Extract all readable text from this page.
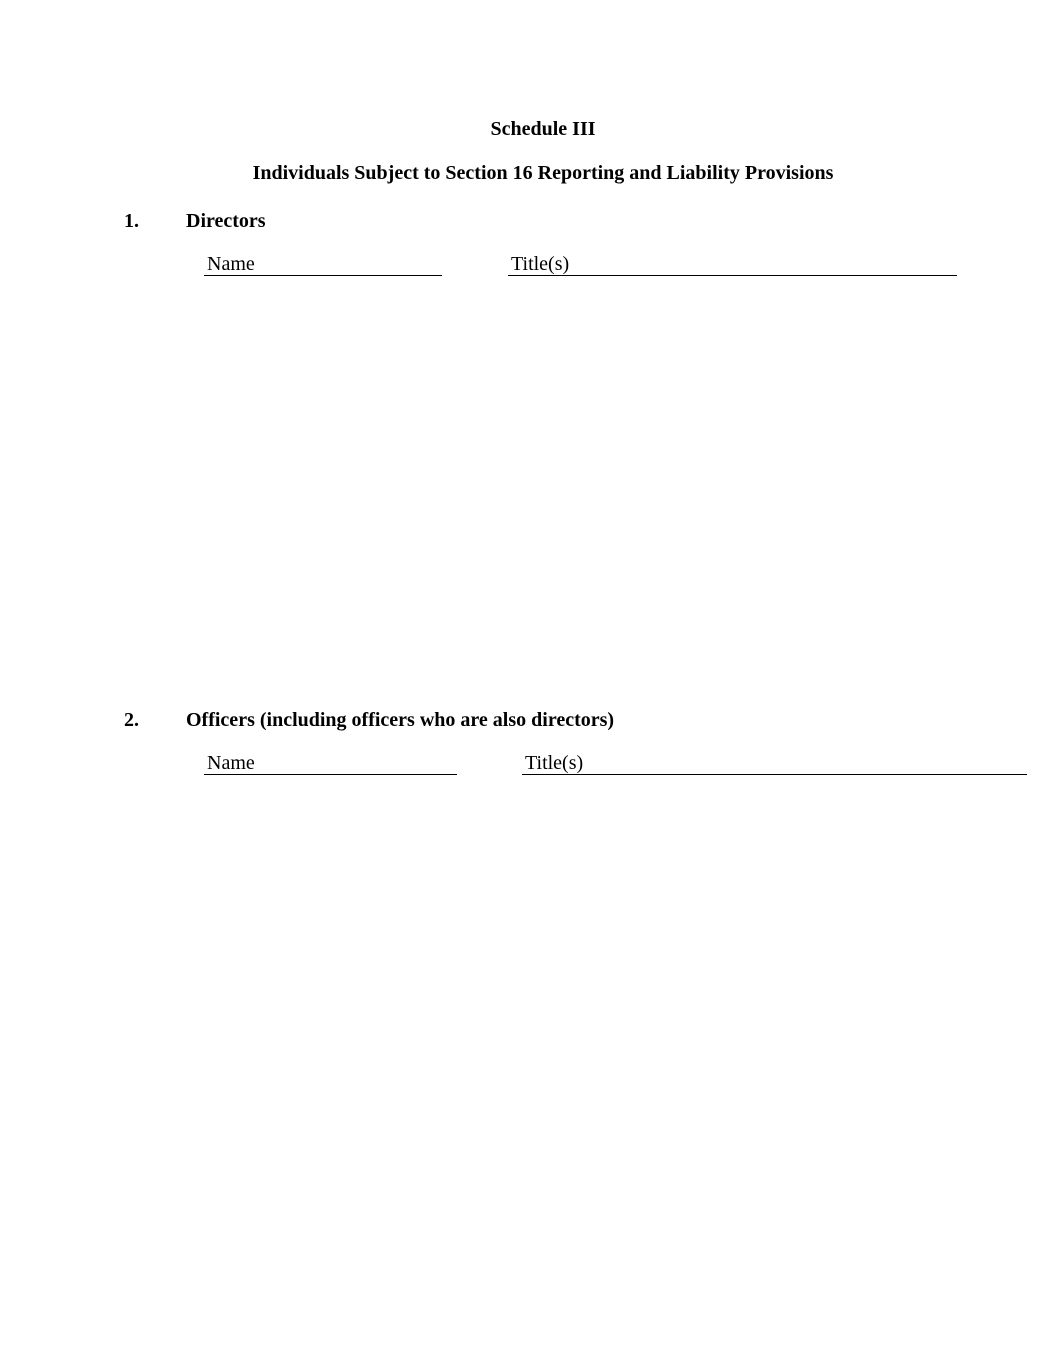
Schedule III
Individuals Subject to Section 16 Reporting and Liability Provisions
1. Directors
Name	Title(s)
2. Officers (including officers who are also directors)
Name	Title(s)
